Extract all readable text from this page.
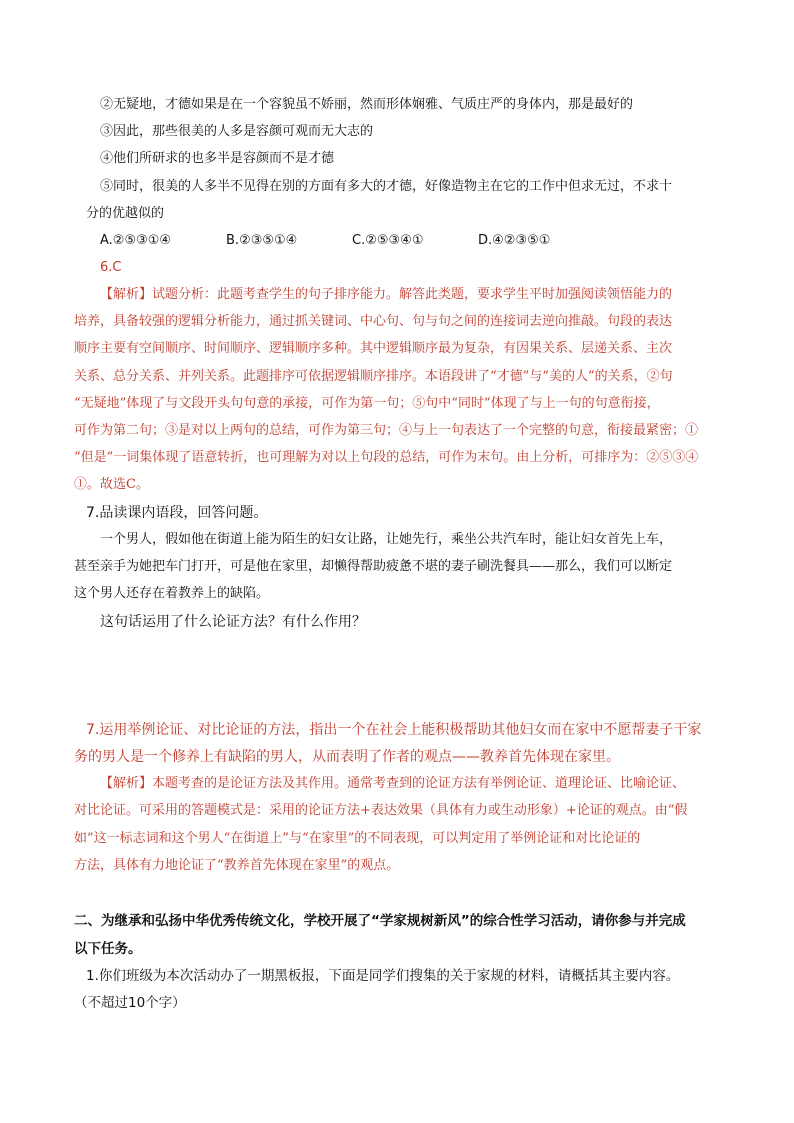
②无疑地，才德如果是在一个容貌虽不娇丽，然而形体娴雅、气质庄严的身体内，那是最好的
③因此，那些很美的人多是容颜可观而无大志的
④他们所研求的也多半是容颜而不是才德
⑤同时，很美的人多半不见得在别的方面有多大的才德，好像造物主在它的工作中但求无过，不求十
分的优越似的
A.②⑤③①④	B.②③⑤①④	C.②⑤③④①	D.④②③⑤①
6.C
【解析】试题分析：此题考查学生的句子排序能力。解答此类题，要求学生平时加强阅读领悟能力的
培养，具备较强的逻辑分析能力，通过抓关键词、中心句、句与句之间的连接词去逆向推敲。句段的表达
顺序主要有空间顺序、时间顺序、逻辑顺序多种。其中逻辑顺序最为复杂，有因果关系、层递关系、主次
关系、总分关系、并列关系。此题排序可依据逻辑顺序排序。本语段讲了“才德”与“美的人”的关系，②句
“无疑地”体现了与文段开头句句意的承接，可作为第一句；⑤句中“同时”体现了与上一句的句意衔接，
可作为第二句；③是对以上两句的总结，可作为第三句；④与上一句表达了一个完整的句意，衔接最紧密；①
“但是”一词集体现了语意转折，也可理解为对以上句段的总结，可作为末句。由上分析，可排序为：②⑤③④
①。故选C。
7.品读课内语段，回答问题。
一个男人，假如他在街道上能为陌生的妇女让路，让她先行，乘坐公共汽车时，能让妇女首先上车，
甚至亲手为她把车门打开，可是他在家里，却懒得帮助疲惫不堪的妻子刷洗餐具——那么，我们可以断定
这个男人还存在着教养上的缺陷。
这句话运用了什么论证方法？有什么作用？
7.运用举例论证、对比论证的方法，指出一个在社会上能积极帮助其他妇女而在家中不愿帮妻子干家
务的男人是一个修养上有缺陷的男人，从而表明了作者的观点——教养首先体现在家里。
【解析】本题考查的是论证方法及其作用。通常考查到的论证方法有举例论证、道理论证、比喻论证、
对比论证。可采用的答题模式是：采用的论证方法+表达效果（具体有力或生动形象）+论证的观点。由“假
如”这一标志词和这个男人“在街道上”与“在家里”的不同表现，可以判定用了举例论证和对比论证的
方法，具体有力地论证了“教养首先体现在家里”的观点。
二、为继承和弘扬中华优秀传统文化，学校开展了“学家规树新风”的综合性学习活动，请你参与并完成
以下任务。
1.你们班级为本次活动办了一期黑板报，下面是同学们搜集的关于家规的材料，请概括其主要内容。
（不超过10个字）
